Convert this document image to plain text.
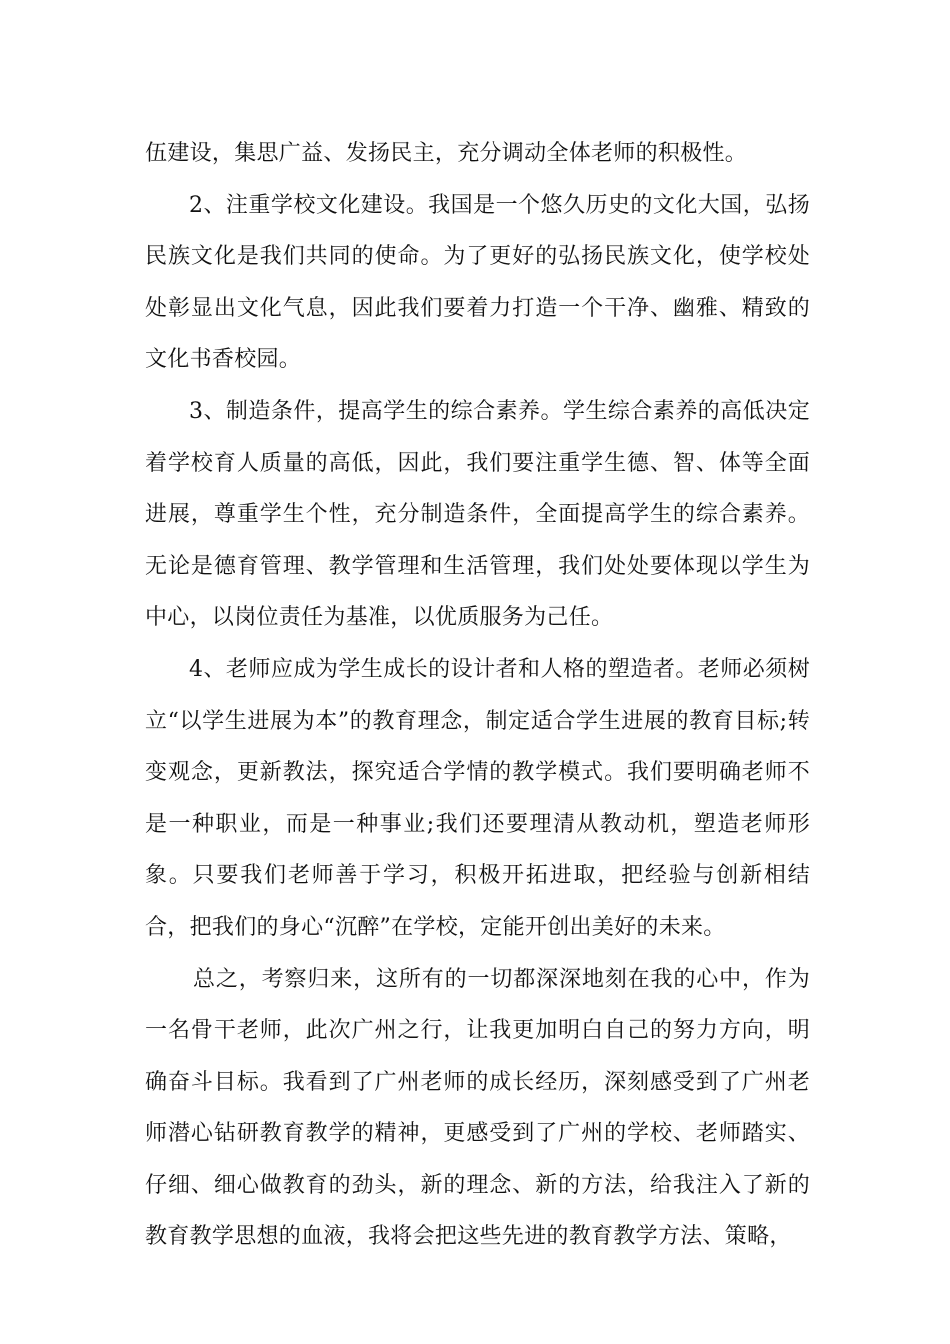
伍建设，集思广益、发扬民主，充分调动全体老师的积极性。

2、注重学校文化建设。我国是一个悠久历史的文化大国，弘扬民族文化是我们共同的使命。为了更好的弘扬民族文化，使学校处处彰显出文化气息，因此我们要着力打造一个干净、幽雅、精致的文化书香校园。

3、制造条件，提高学生的综合素养。学生综合素养的高低决定着学校育人质量的高低，因此，我们要注重学生德、智、体等全面进展，尊重学生个性，充分制造条件，全面提高学生的综合素养。无论是德育管理、教学管理和生活管理，我们处处要体现以学生为中心，以岗位责任为基准，以优质服务为己任。

4、老师应成为学生成长的设计者和人格的塑造者。老师必须树立“以学生进展为本”的教育理念，制定适合学生进展的教育目标;转变观念，更新教法，探究适合学情的教学模式。我们要明确老师不是一种职业，而是一种事业;我们还要理清从教动机，塑造老师形象。只要我们老师善于学习，积极开拓进取，把经验与创新相结合，把我们的身心“沉醉”在学校，定能开创出美好的未来。

总之，考察归来，这所有的一切都深深地刻在我的心中，作为一名骨干老师，此次广州之行，让我更加明白自己的努力方向，明确奋斗目标。我看到了广州老师的成长经历，深刻感受到了广州老师潜心钻研教育教学的精神，更感受到了广州的学校、老师踏实、仔细、细心做教育的劲头，新的理念、新的方法，给我注入了新的教育教学思想的血液，我将会把这些先进的教育教学方法、策略，
